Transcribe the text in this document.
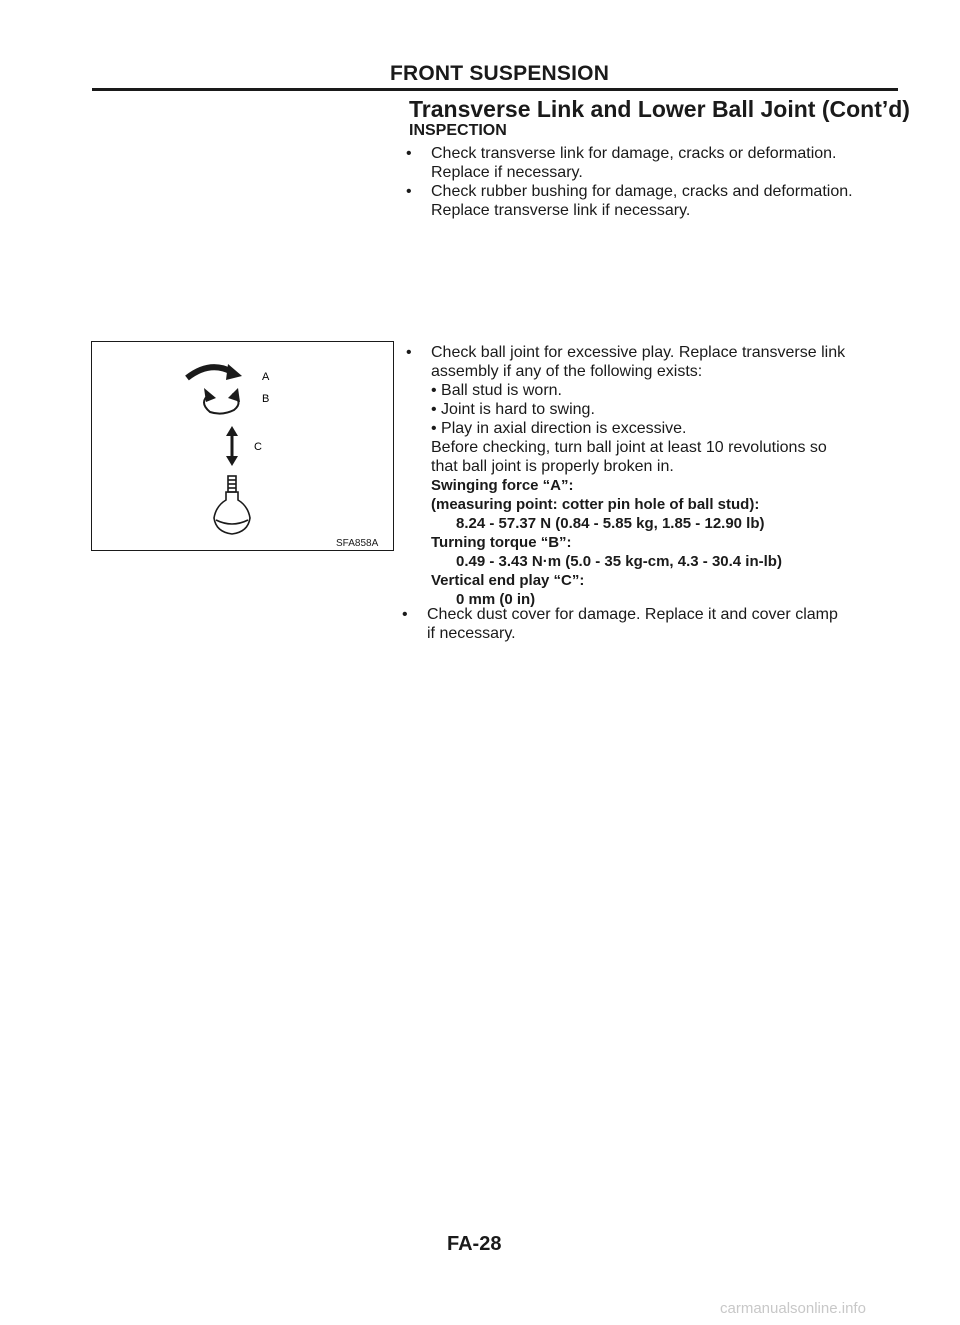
FRONT SUSPENSION
Transverse Link and Lower Ball Joint (Cont’d)
INSPECTION
• Check transverse link for damage, cracks or deformation.
Replace if necessary.
• Check rubber bushing for damage, cracks and deformation.
Replace transverse link if necessary.
A
B
C
SFA858A
• Check ball joint for excessive play. Replace transverse link
assembly if any of the following exists:
• Ball stud is worn.
• Joint is hard to swing.
• Play in axial direction is excessive.
Before checking, turn ball joint at least 10 revolutions so
that ball joint is properly broken in.
Swinging force “A”:
(measuring point: cotter pin hole of ball stud):
8.24 - 57.37 N (0.84 - 5.85 kg, 1.85 - 12.90 lb)
Turning torque “B”:
0.49 - 3.43 N·m (5.0 - 35 kg-cm, 4.3 - 30.4 in-lb)
Vertical end play “C”:
0 mm (0 in)
• Check dust cover for damage. Replace it and cover clamp
if necessary.
FA-28
carmanualsonline.info
